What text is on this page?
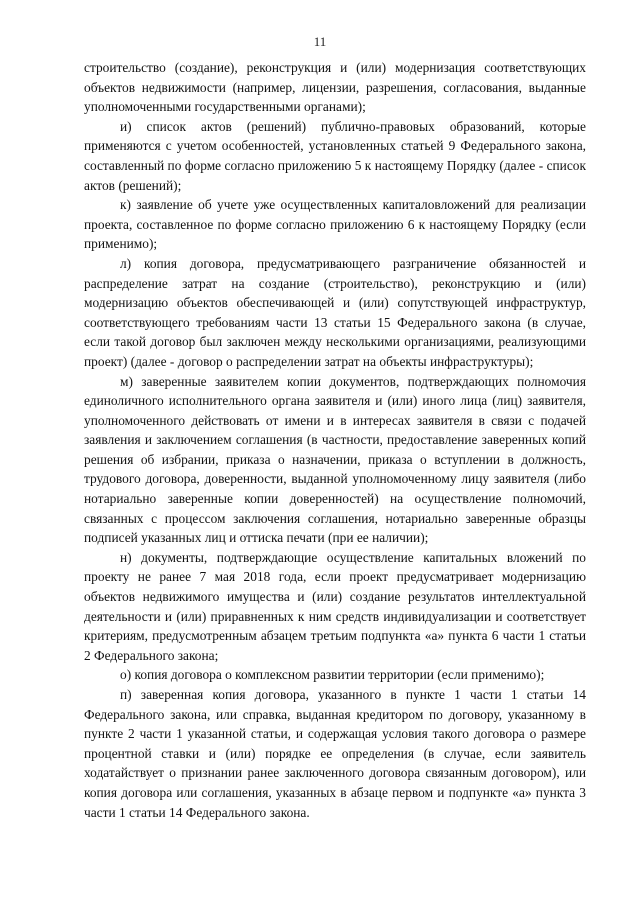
11

строительство (создание), реконструкция и (или) модернизация соответствующих объектов недвижимости (например, лицензии, разрешения, согласования, выданные уполномоченными государственными органами);

и) список актов (решений) публично-правовых образований, которые применяются с учетом особенностей, установленных статьей 9 Федерального закона, составленный по форме согласно приложению 5 к настоящему Порядку (далее - список актов (решений);

к) заявление об учете уже осуществленных капиталовложений для реализации проекта, составленное по форме согласно приложению 6 к настоящему Порядку (если применимо);

л) копия договора, предусматривающего разграничение обязанностей и распределение затрат на создание (строительство), реконструкцию и (или) модернизацию объектов обеспечивающей и (или) сопутствующей инфраструктур, соответствующего требованиям части 13 статьи 15 Федерального закона (в случае, если такой договор был заключен между несколькими организациями, реализующими проект) (далее - договор о распределении затрат на объекты инфраструктуры);

м) заверенные заявителем копии документов, подтверждающих полномочия единоличного исполнительного органа заявителя и (или) иного лица (лиц) заявителя, уполномоченного действовать от имени и в интересах заявителя в связи с подачей заявления и заключением соглашения (в частности, предоставление заверенных копий решения об избрании, приказа о назначении, приказа о вступлении в должность, трудового договора, доверенности, выданной уполномоченному лицу заявителя (либо нотариально заверенные копии доверенностей) на осуществление полномочий, связанных с процессом заключения соглашения, нотариально заверенные образцы подписей указанных лиц и оттиска печати (при ее наличии);

н) документы, подтверждающие осуществление капитальных вложений по проекту не ранее 7 мая 2018 года, если проект предусматривает модернизацию объектов недвижимого имущества и (или) создание результатов интеллектуальной деятельности и (или) приравненных к ним средств индивидуализации и соответствует критериям, предусмотренным абзацем третьим подпункта «а» пункта 6 части 1 статьи 2 Федерального закона;

о) копия договора о комплексном развитии территории (если применимо);

п) заверенная копия договора, указанного в пункте 1 части 1 статьи 14 Федерального закона, или справка, выданная кредитором по договору, указанному в пункте 2 части 1 указанной статьи, и содержащая условия такого договора о размере процентной ставки и (или) порядке ее определения (в случае, если заявитель ходатайствует о признании ранее заключенного договора связанным договором), или копия договора или соглашения, указанных в абзаце первом и подпункте «а» пункта 3 части 1 статьи 14 Федерального закона.
